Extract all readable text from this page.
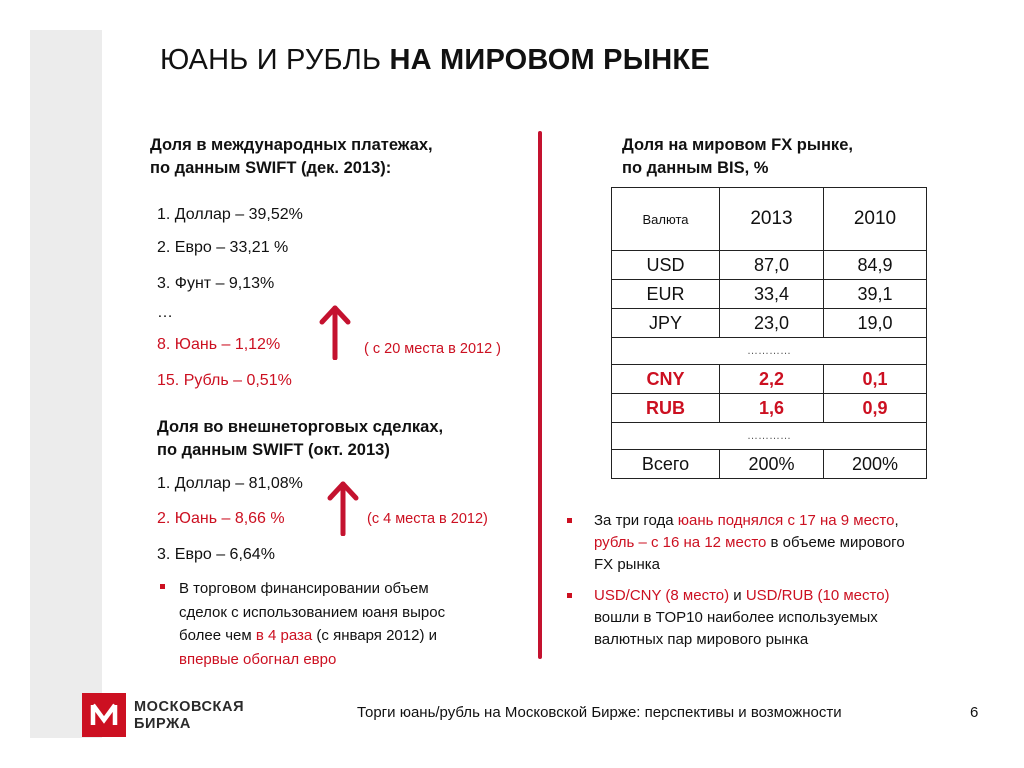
ЮАНЬ И РУБЛЬ НА МИРОВОМ РЫНКЕ
Доля в международных платежах,
по данным SWIFT (дек. 2013):
1. Доллар – 39,52%
2. Евро – 33,21 %
3. Фунт – 9,13%
…
8. Юань – 1,12%
15. Рубль – 0,51%
( с 20 места в 2012 )
Доля во внешнеторговых сделках,
по данным SWIFT (окт. 2013)
1. Доллар – 81,08%
2. Юань – 8,66 %
3. Евро – 6,64%
(с 4 места в 2012)
В торговом финансировании объем
сделок с использованием юаня вырос
более чем в 4 раза (с января 2012) и
впервые обогнал евро
Доля на мировом FX рынке,
по данным BIS, %
Валюта	2013	2010
USD	87,0	84,9
EUR	33,4	39,1
JPY	23,0	19,0
…………		
CNY	2,2	0,1
RUB	1,6	0,9
…………		
Всего	200%	200%
За три года юань поднялся с 17 на 9 место,
рубль – с 16 на 12 место в объеме мирового
FX рынка
USD/CNY (8 место) и USD/RUB (10 место)
вошли в TOP10 наиболее используемых
валютных пар мирового рынка
МОСКОВСКАЯ
БИРЖА
Торги юань/рубль на Московской Бирже: перспективы и возможности	6
